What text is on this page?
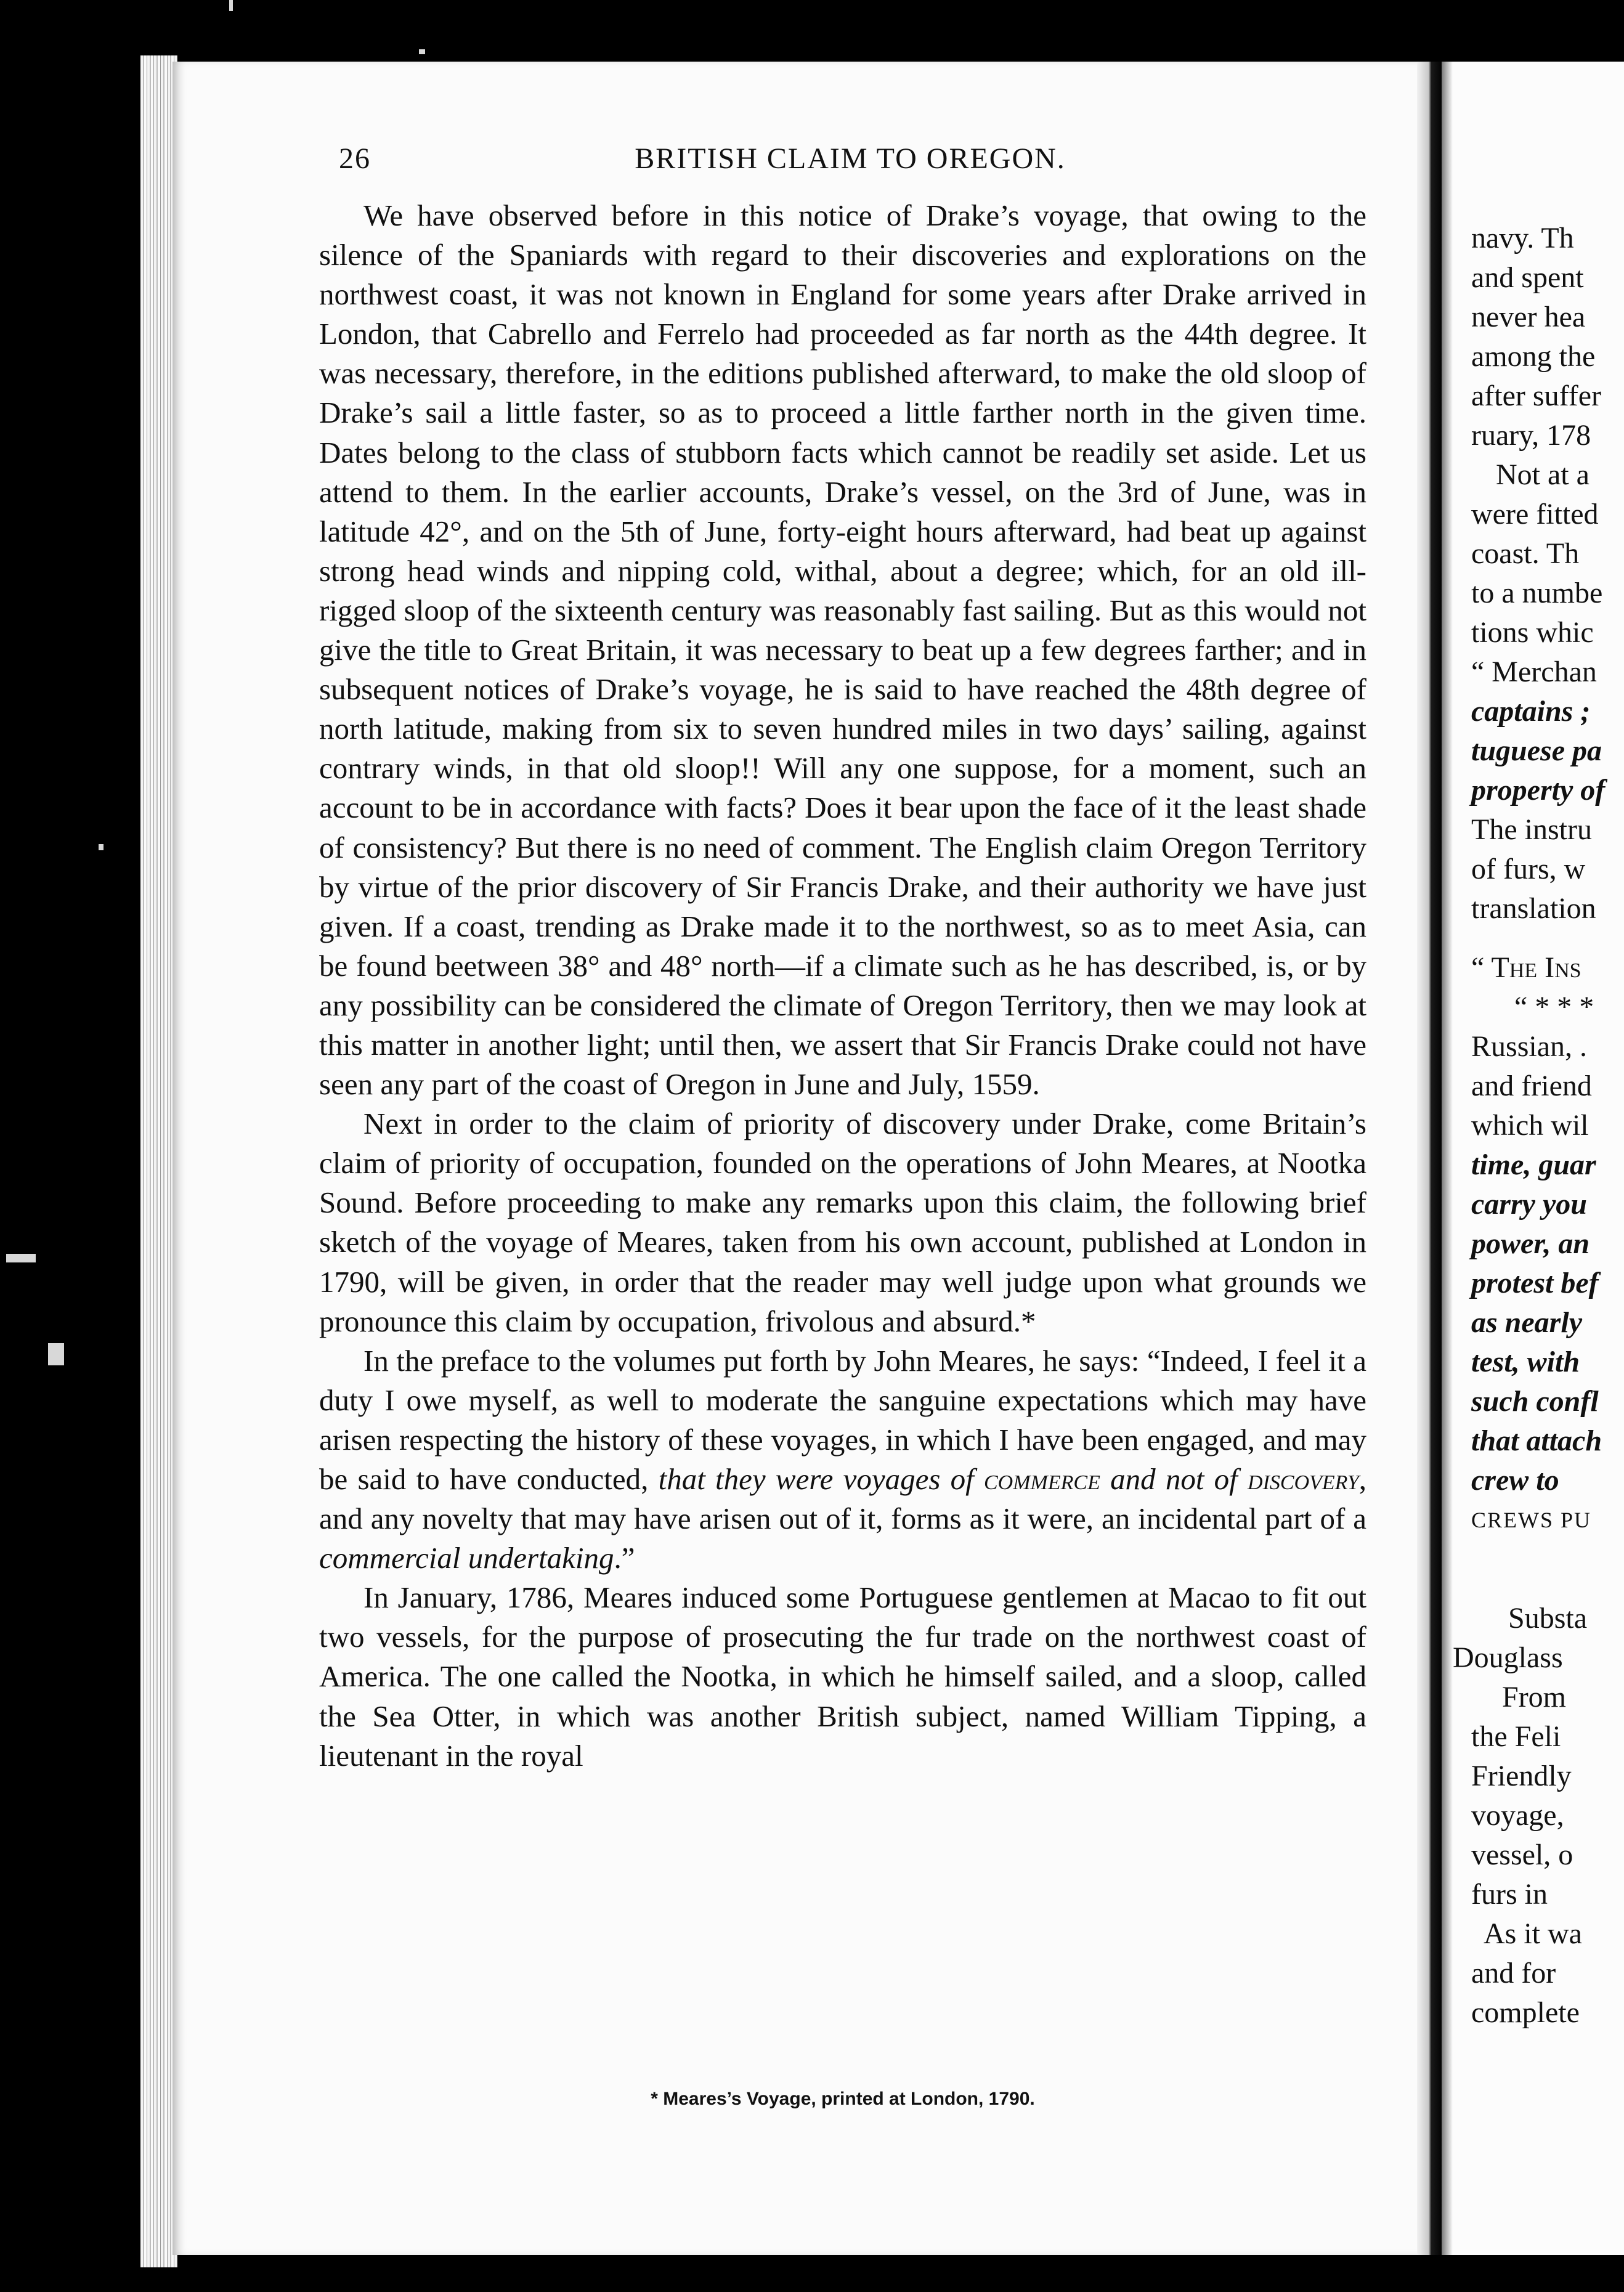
26	BRITISH CLAIM TO OREGON.

We have observed before in this notice of Drake’s voyage, that owing to the silence of the Spaniards with regard to their discoveries and explorations on the northwest coast, it was not known in England for some years after Drake arrived in London, that Cabrello and Ferrelo had proceeded as far north as the 44th degree. It was necessary, therefore, in the editions published afterward, to make the old sloop of Drake’s sail a little faster, so as to proceed a little farther north in the given time. Dates belong to the class of stubborn facts which cannot be readily set aside. Let us attend to them. In the earlier accounts, Drake’s vessel, on the 3rd of June, was in latitude 42°, and on the 5th of June, forty-eight hours afterward, had beat up against strong head winds and nipping cold, withal, about a degree; which, for an old ill-rigged sloop of the sixteenth century was reasonably fast sailing. But as this would not give the title to Great Britain, it was necessary to beat up a few degrees farther; and in subsequent notices of Drake’s voyage, he is said to have reached the 48th degree of north latitude, making from six to seven hundred miles in two days’ sailing, against contrary winds, in that old sloop!! Will any one suppose, for a moment, such an account to be in accordance with facts? Does it bear upon the face of it the least shade of consistency? But there is no need of comment. The English claim Oregon Territory by virtue of the prior discovery of Sir Francis Drake, and their authority we have just given. If a coast, trending as Drake made it to the northwest, so as to meet Asia, can be found beetween 38° and 48° north—if a climate such as he has described, is, or by any possibility can be considered the climate of Oregon Territory, then we may look at this matter in another light; until then, we assert that Sir Francis Drake could not have seen any part of the coast of Oregon in June and July, 1559.

Next in order to the claim of priority of discovery under Drake, come Britain’s claim of priority of occupation, founded on the operations of John Meares, at Nootka Sound. Before proceeding to make any remarks upon this claim, the following brief sketch of the voyage of Meares, taken from his own account, published at London in 1790, will be given, in order that the reader may well judge upon what grounds we pronounce this claim by occupation, frivolous and absurd.*

In the preface to the volumes put forth by John Meares, he says: “Indeed, I feel it a duty I owe myself, as well to moderate the sanguine expectations which may have arisen respecting the history of these voyages, in which I have been engaged, and may be said to have conducted, that they were voyages of commerce and not of discovery, and any novelty that may have arisen out of it, forms as it were, an incidental part of a commercial undertaking.”

In January, 1786, Meares induced some Portuguese gentlemen at Macao to fit out two vessels, for the purpose of prosecuting the fur trade on the northwest coast of America. The one called the Nootka, in which he himself sailed, and a sloop, called the Sea Otter, in which was another British subject, named William Tipping, a lieutenant in the royal

* Meares’s Voyage, printed at London, 1790.
navy. Th
and spent
never hea
among the
after suffer
ruary, 178
Not at a
were fitted
coast. Th
to a numbe
tions whic
“ Merchan
captains ;
tuguese pa
property of
The instru
of furs, w
translation
“ The Ins
“ * * *
Russian, .
and friend
which wil
time, guar
carry you
power, an
protest bef
as nearly
test, with
such confl
that attach
crew to
CREWS PU
Substa
Douglass
From
the Feli
Friendly
voyage,
vessel, o
furs in
As it wa
and for
complete
